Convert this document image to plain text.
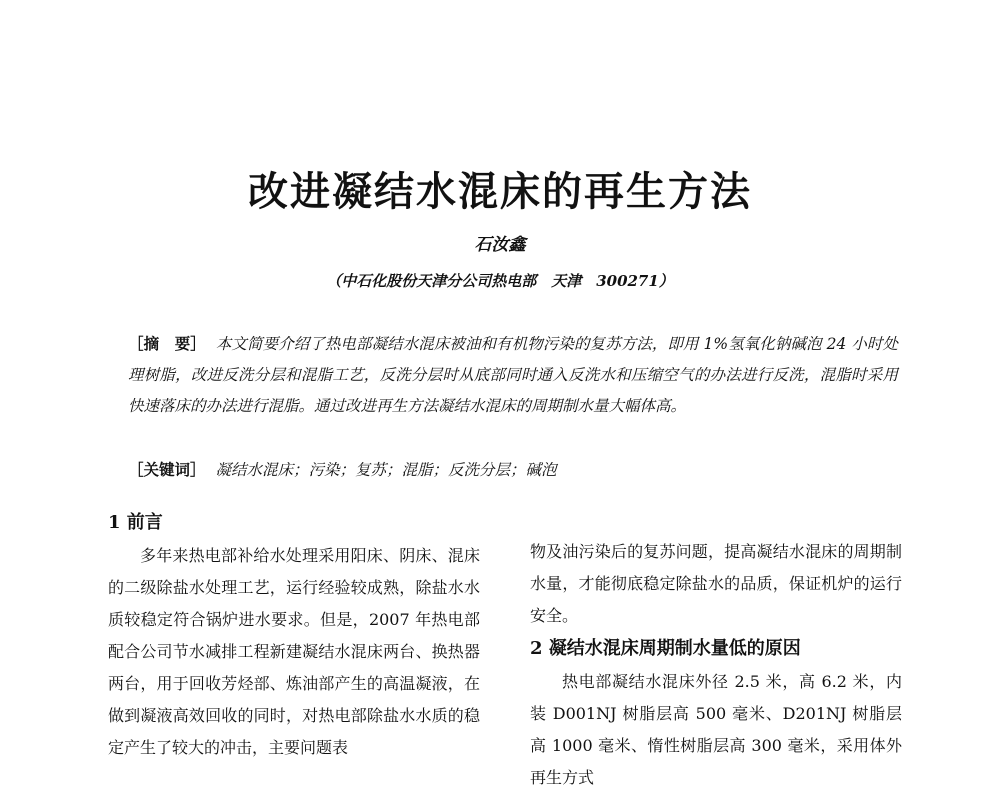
改进凝结水混床的再生方法
石汝鑫
（中石化股份天津分公司热电部　天津　300271）
［摘　要］ 本文简要介绍了热电部凝结水混床被油和有机物污染的复苏方法，即用 1%氢氧化钠碱泡 24 小时处理树脂，改进反洗分层和混脂工艺，反洗分层时从底部同时通入反洗水和压缩空气的办法进行反洗，混脂时采用快速落床的办法进行混脂。通过改进再生方法凝结水混床的周期制水量大幅体高。
［关键词］ 凝结水混床；污染；复苏；混脂；反洗分层；碱泡

1 前言

多年来热电部补给水处理采用阳床、阴床、混床的二级除盐水处理工艺，运行经验较成熟，除盐水水质较稳定符合锅炉进水要求。但是，2007 年热电部配合公司节水减排工程新建凝结水混床两台、换热器两台，用于回收芳烃部、炼油部产生的高温凝液，在做到凝液高效回收的同时，对热电部除盐水水质的稳定产生了较大的冲击，主要问题表

物及油污染后的复苏问题，提高凝结水混床的周期制水量，才能彻底稳定除盐水的品质，保证机炉的运行安全。

2 凝结水混床周期制水量低的原因

热电部凝结水混床外径 2.5 米，高 6.2 米，内装 D001NJ 树脂层高 500 毫米、D201NJ 树脂层高 1000 毫米、惰性树脂层高 300 毫米，采用体外再生方式
